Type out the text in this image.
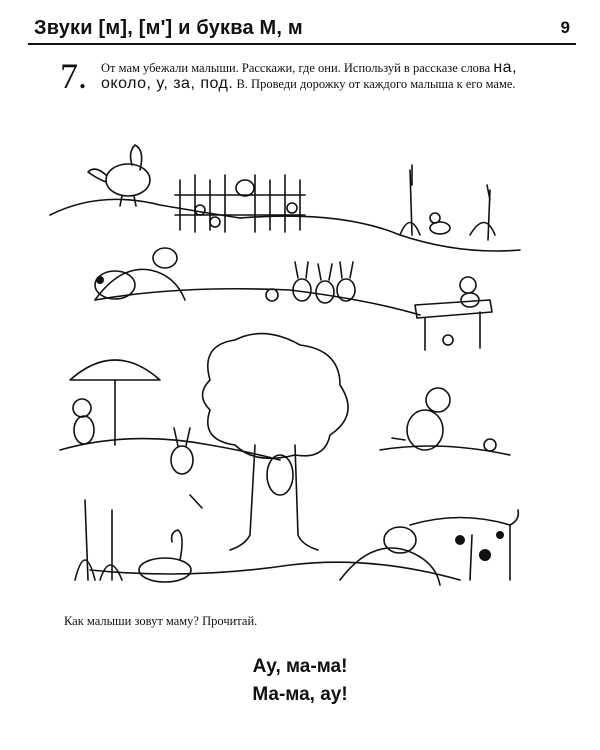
Звуки [м], [м'] и буква М, м	9
7. От мам убежали малыши. Расскажи, где они. Используй в рассказе слова на, около, у, за, под. В. Проведи дорожку от каждого малыша к его маме.
Как малыши зовут маму? Прочитай.
Ау, ма-ма!
Ма-ма, ау!
